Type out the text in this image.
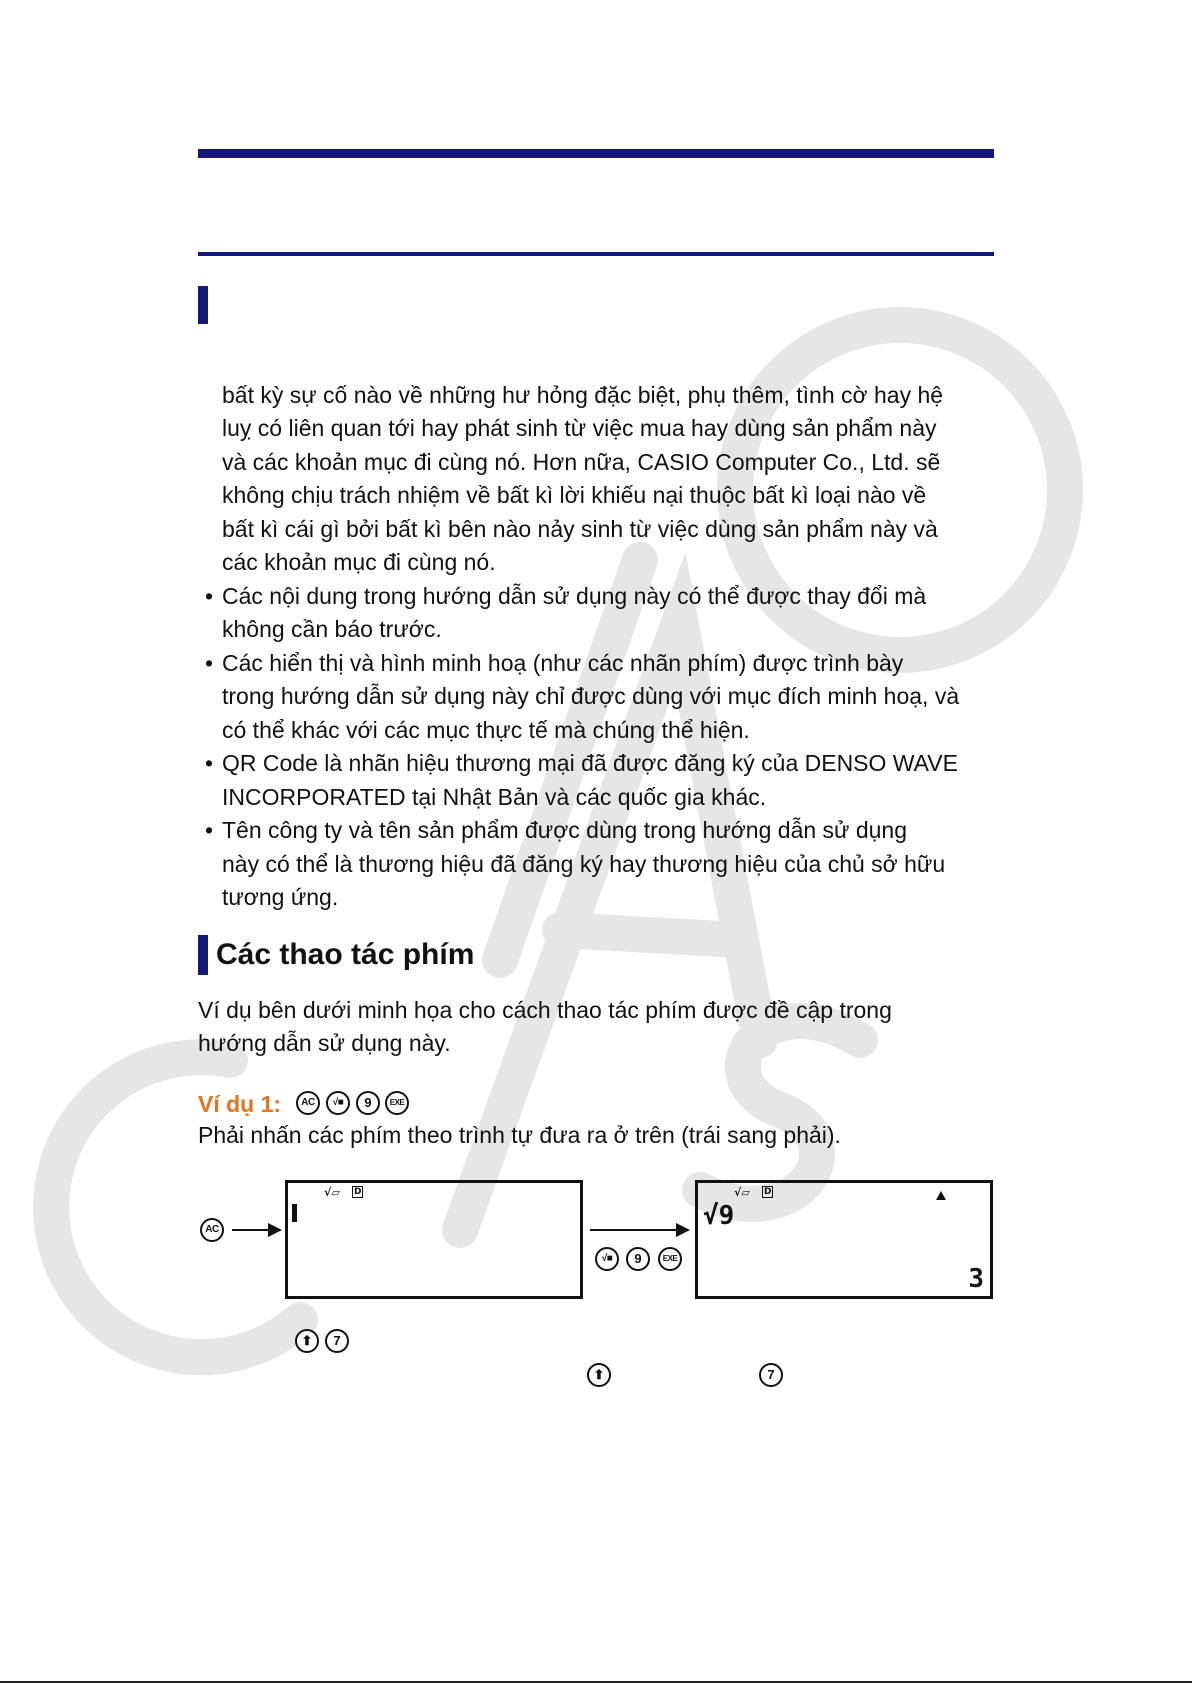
bất kỳ sự cố nào về những hư hỏng đặc biệt, phụ thêm, tình cờ hay hệ
luỵ có liên quan tới hay phát sinh từ việc mua hay dùng sản phẩm này
và các khoản mục đi cùng nó. Hơn nữa, CASIO Computer Co., Ltd. sẽ
không chịu trách nhiệm về bất kì lời khiếu nại thuộc bất kì loại nào về
bất kì cái gì bởi bất kì bên nào nảy sinh từ việc dùng sản phẩm này và
các khoản mục đi cùng nó.
• Các nội dung trong hướng dẫn sử dụng này có thể được thay đổi mà
không cần báo trước.
• Các hiển thị và hình minh hoạ (như các nhãn phím) được trình bày
trong hướng dẫn sử dụng này chỉ được dùng với mục đích minh hoạ, và
có thể khác với các mục thực tế mà chúng thể hiện.
• QR Code là nhãn hiệu thương mại đã được đăng ký của DENSO WAVE
INCORPORATED tại Nhật Bản và các quốc gia khác.
• Tên công ty và tên sản phẩm được dùng trong hướng dẫn sử dụng
này có thể là thương hiệu đã đăng ký hay thương hiệu của chủ sở hữu
tương ứng.
Các thao tác phím
Ví dụ bên dưới minh họa cho cách thao tác phím được đề cập trong
hướng dẫn sử dụng này.
Ví dụ 1:	AC	√■	9	EXE
Phải nhấn các phím theo trình tự đưa ra ở trên (trái sang phải).
AC
√▱ D
√■	9	EXE
√▱ D
√9
3
⬆	7
⬆	7
